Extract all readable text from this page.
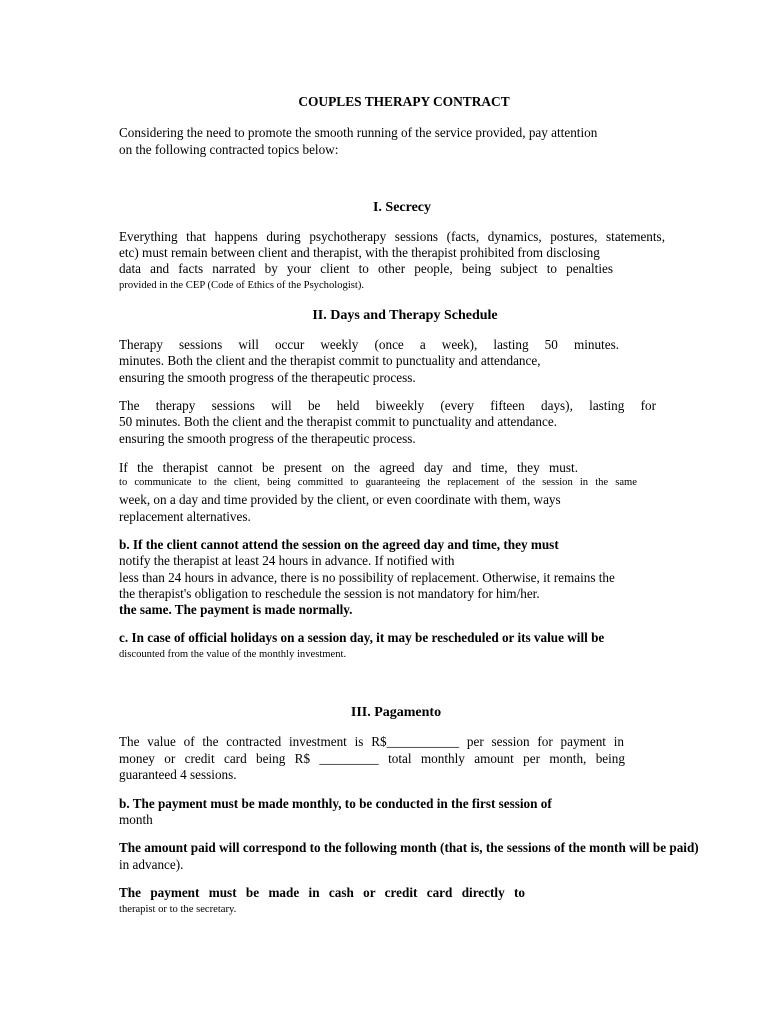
COUPLES THERAPY CONTRACT
Considering the need to promote the smooth running of the service provided, pay attention
on the following contracted topics below:
I. Secrecy
Everything that happens during psychotherapy sessions (facts, dynamics, postures, statements,
etc) must remain between client and therapist, with the therapist prohibited from disclosing
data and facts narrated by your client to other people, being subject to penalties
provided in the CEP (Code of Ethics of the Psychologist).
II. Days and Therapy Schedule
Therapy sessions will occur weekly (once a week), lasting 50 minutes.
minutes. Both the client and the therapist commit to punctuality and attendance,
ensuring the smooth progress of the therapeutic process.
The therapy sessions will be held biweekly (every fifteen days), lasting for
50 minutes. Both the client and the therapist commit to punctuality and attendance.
ensuring the smooth progress of the therapeutic process.
If the therapist cannot be present on the agreed day and time, they must.
to communicate to the client, being committed to guaranteeing the replacement of the session in the same
week, on a day and time provided by the client, or even coordinate with them, ways
replacement alternatives.
b. If the client cannot attend the session on the agreed day and time, they must
notify the therapist at least 24 hours in advance. If notified with
less than 24 hours in advance, there is no possibility of replacement. Otherwise, it remains the
the therapist's obligation to reschedule the session is not mandatory for him/her.
the same. The payment is made normally.
c. In case of official holidays on a session day, it may be rescheduled or its value will be
discounted from the value of the monthly investment.
III. Pagamento
The value of the contracted investment is R$___________ per session for payment in
money or credit card being R$ _________ total monthly amount per month, being
guaranteed 4 sessions.
b. The payment must be made monthly, to be conducted in the first session of
month
The amount paid will correspond to the following month (that is, the sessions of the month will be paid)
in advance).
The payment must be made in cash or credit card directly to
therapist or to the secretary.
